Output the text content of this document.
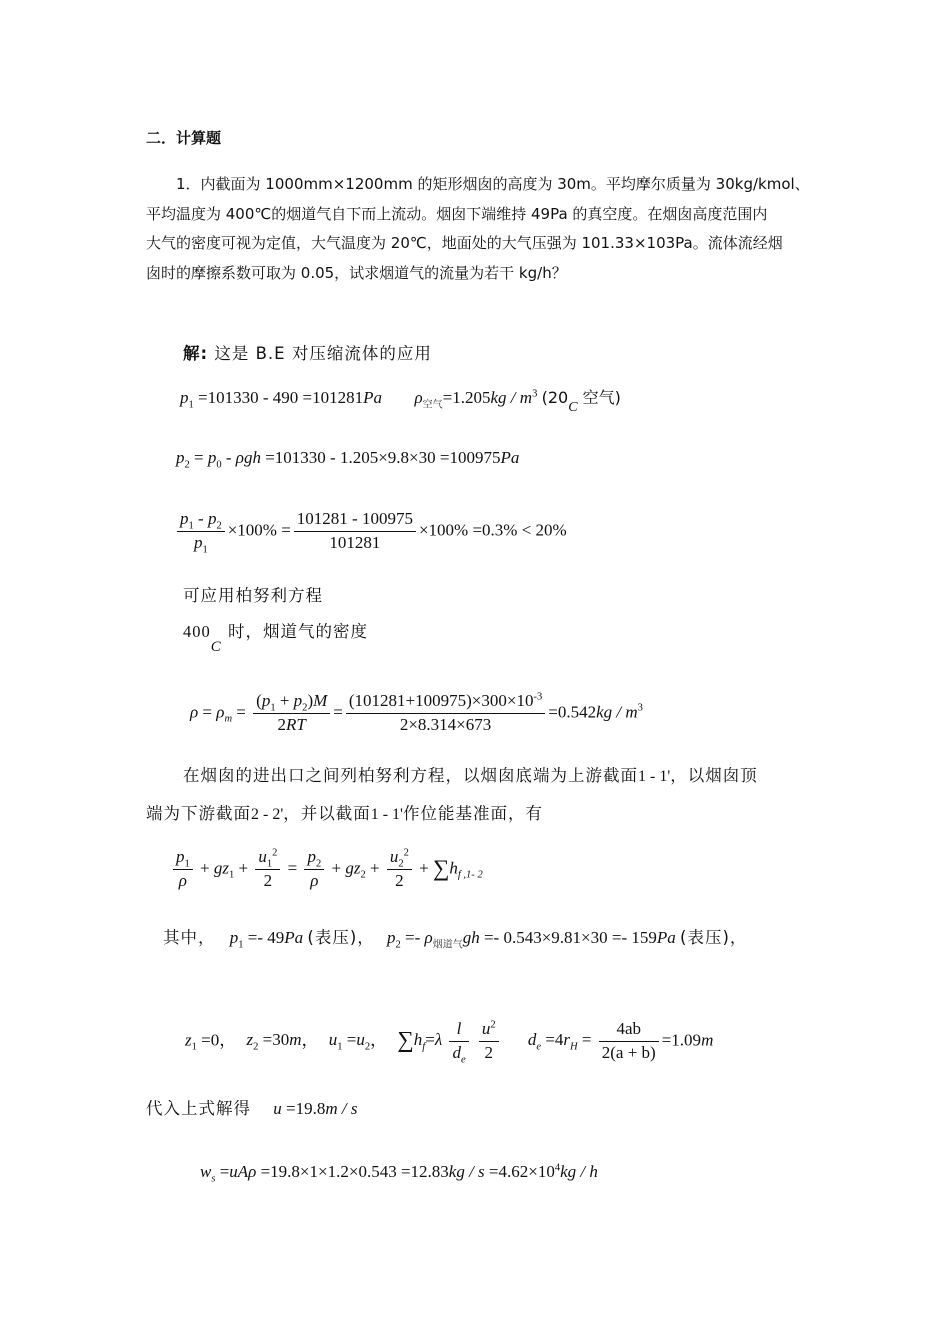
二．计算题
1．内截面为 1000mm×1200mm 的矩形烟囱的高度为 30m。平均摩尔质量为 30kg/kmol、
平均温度为 400℃的烟道气自下而上流动。烟囱下端维持 49Pa 的真空度。在烟囱高度范围内
大气的密度可视为定值，大气温度为 20℃，地面处的大气压强为 101.33×103Pa。流体流经烟
囱时的摩擦系数可取为 0.05，试求烟道气的流量为若干 kg/h？
解: 这是 B.E 对压缩流体的应用
$p_1 =101330 - 490 =101281Pa$ $\rho_{空气}=1.205kg / m^3$ ($20_C$ 空气)
$p_2 = p_0 - \rho gh =101330 - 1.205\times 9.8\times 30 =100975Pa$
$\frac{p_1 - p_2}{p_1} \times 100\% = \frac{101281 - 100975}{101281} \times 100\% =0.3\% < 20\%$
可应用柏努利方程
$400_C$ 时，烟道气的密度
$\rho = \rho_m = \frac{(p_1 + p_2)M}{2RT} = \frac{(101281+100975)\times 300\times 10^{-3}}{2\times 8.314\times 673} =0.542kg / m^3$
在烟囱的进出口之间列柏努利方程，以烟囱底端为上游截面1 - 1'，以烟囱顶
端为下游截面2 - 2'，并以截面1 - 1'作位能基准面，有
$\frac{p_1}{\rho} + gz_1 + \frac{u_1^2}{2} = \frac{p_2}{\rho} + gz_2 + \frac{u_2^2}{2} + \sum h_{f ,1- 2}$
其中， $p_1 =- 49Pa$ (表压)， $p_2 =- \rho_{烟道气}gh =- 0.543\times 9.81\times 30 =- 159Pa$ (表压)，
$z_1 =0$， $z_2 =30m$， $u_1 =u_2$， $\sum h_f=\lambda \frac{l}{d_e}$
$\frac{u^2}{2} d_e =4r_H = \frac{4ab}{2(a + b)} =1.09m$
代入上式解得 u =19.8m / s
$w_s =uA\rho =19.8\times 1\times 1.2\times 0.543 =12.83kg / s =4.62\times 10^4kg / h$
